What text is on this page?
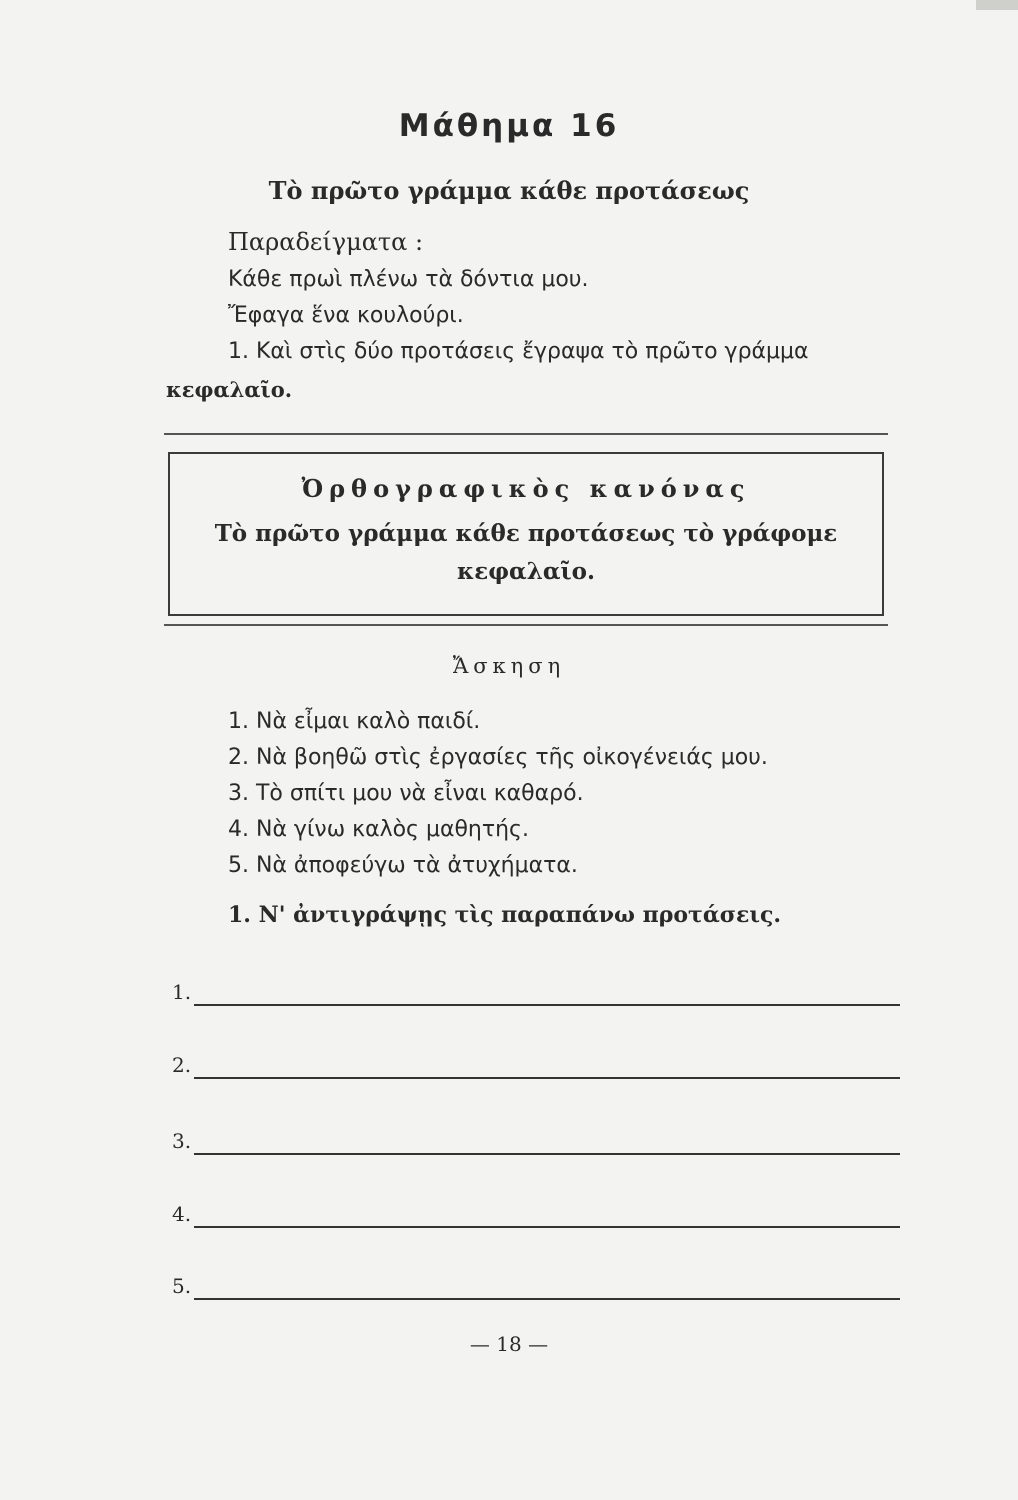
Μάθημα 16
Τὸ πρῶτο γράμμα κάθε προτάσεως
Παραδείγματα :
Κάθε πρωὶ πλένω τὰ δόντια μου.
Ἔφαγα ἕνα κουλούρι.
1. Καὶ στὶς δύο προτάσεις ἔγραψα τὸ πρῶτο γράμμα
κεφαλαῖο.
Ὀρθογραφικὸς κανόνας
Τὸ πρῶτο γράμμα κάθε προτάσεως τὸ γράφομε
κεφαλαῖο.
Ἄσκηση
1. Νὰ εἶμαι καλὸ παιδί.
2. Νὰ βοηθῶ στὶς ἐργασίες τῆς οἰκογένειάς μου.
3. Τὸ σπίτι μου νὰ εἶναι καθαρό.
4. Νὰ γίνω καλὸς μαθητής.
5. Νὰ ἀποφεύγω τὰ ἀτυχήματα.
1. Ν' ἀντιγράψῃς τὶς παραπάνω προτάσεις.
1.
2.
3.
4.
5.
— 18 —
